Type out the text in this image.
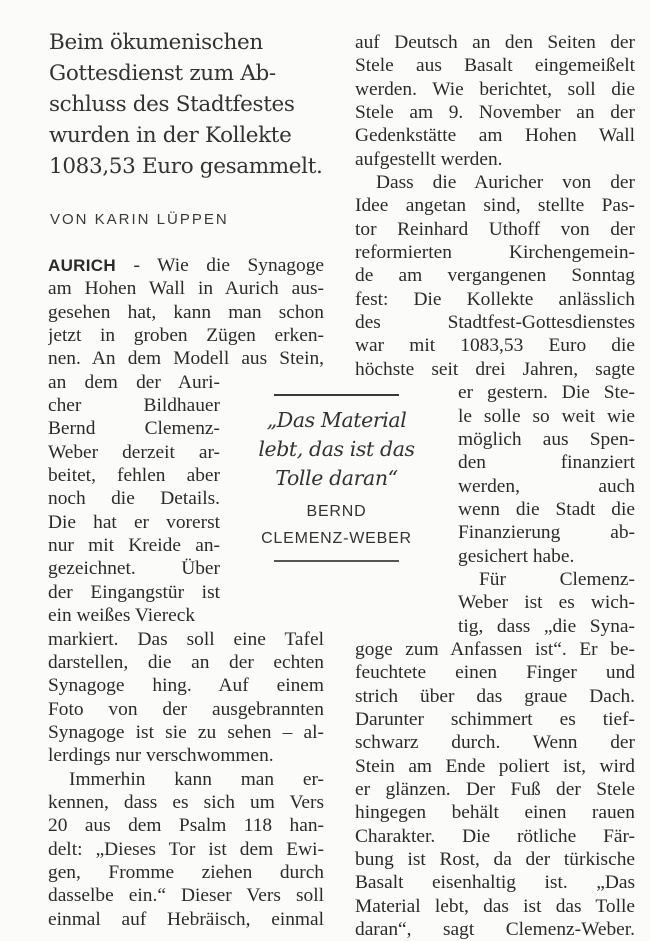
Beim ökumenischen
Gottesdienst zum Ab-
schluss des Stadtfestes
wurden in der Kollekte
1083,53 Euro gesammelt.
VON KARIN LÜPPEN
AURICH - Wie die Synagoge
am Hohen Wall in Aurich aus-
gesehen hat, kann man schon
jetzt in groben Zügen erken-
nen. An dem Modell aus Stein,
an dem der Auri-
cher Bildhauer
Bernd Clemenz-
Weber derzeit ar-
beitet, fehlen aber
noch die Details.
Die hat er vorerst
nur mit Kreide an-
gezeichnet. Über
der Eingangstür ist
ein weißes Viereck
markiert. Das soll eine Tafel
darstellen, die an der echten
Synagoge hing. Auf einem
Foto von der ausgebrannten
Synagoge ist sie zu sehen – al-
lerdings nur verschwommen.
Immerhin kann man er-
kennen, dass es sich um Vers
20 aus dem Psalm 118 han-
delt: „Dieses Tor ist dem Ewi-
gen, Fromme ziehen durch
dasselbe ein.“ Dieser Vers soll
einmal auf Hebräisch, einmal
„Das Material
lebt, das ist das
Tolle daran“
BERND
CLEMENZ-WEBER
auf Deutsch an den Seiten der
Stele aus Basalt eingemeißelt
werden. Wie berichtet, soll die
Stele am 9. November an der
Gedenkstätte am Hohen Wall
aufgestellt werden.
Dass die Auricher von der
Idee angetan sind, stellte Pas-
tor Reinhard Uthoff von der
reformierten Kirchengemein-
de am vergangenen Sonntag
fest: Die Kollekte anlässlich
des Stadtfest-Gottesdienstes
war mit 1083,53 Euro die
höchste seit drei Jahren, sagte
er gestern. Die Ste-
le solle so weit wie
möglich aus Spen-
den finanziert
werden, auch
wenn die Stadt die
Finanzierung ab-
gesichert habe.
Für Clemenz-
Weber ist es wich-
tig, dass „die Syna-
goge zum Anfassen ist“. Er be-
feuchtete einen Finger und
strich über das graue Dach.
Darunter schimmert es tief-
schwarz durch. Wenn der
Stein am Ende poliert ist, wird
er glänzen. Der Fuß der Stele
hingegen behält einen rauen
Charakter. Die rötliche Fär-
bung ist Rost, da der türkische
Basalt eisenhaltig ist. „Das
Material lebt, das ist das Tolle
daran“, sagt Clemenz-Weber.
